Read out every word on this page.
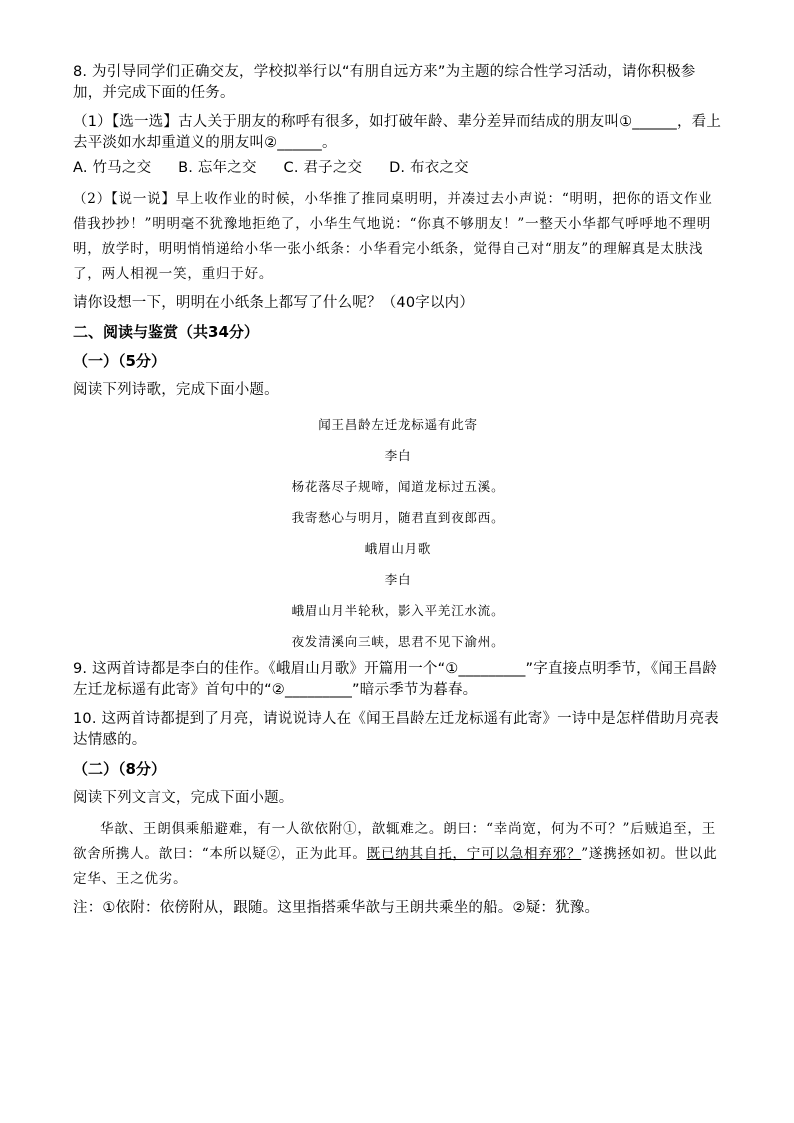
8. 为引导同学们正确交友，学校拟举行以“有朋自远方来”为主题的综合性学习活动，请你积极参加，并完成下面的任务。

（1）【选一选】古人关于朋友的称呼有很多，如打破年龄、辈分差异而结成的朋友叫①______，看上去平淡如水却重道义的朋友叫②______。

A. 竹马之交 B. 忘年之交 C. 君子之交 D. 布衣之交

（2）【说一说】早上收作业的时候，小华推了推同桌明明，并凑过去小声说：“明明，把你的语文作业借我抄抄！”明明毫不犹豫地拒绝了，小华生气地说：“你真不够朋友！”一整天小华都气呼呼地不理明明，放学时，明明悄悄递给小华一张小纸条：小华看完小纸条，觉得自己对“朋友”的理解真是太肤浅了，两人相视一笑，重归于好。

请你设想一下，明明在小纸条上都写了什么呢？（40字以内）

二、阅读与鉴赏（共34分）

（一）（5分）

阅读下列诗歌，完成下面小题。

闻王昌龄左迁龙标遥有此寄

李白

杨花落尽子规啼，闻道龙标过五溪。

我寄愁心与明月，随君直到夜郎西。

峨眉山月歌

李白

峨眉山月半轮秋，影入平羌江水流。

夜发清溪向三峡，思君不见下渝州。

9. 这两首诗都是李白的佳作。《峨眉山月歌》开篇用一个“①_________”字直接点明季节，《闻王昌龄左迁龙标遥有此寄》首句中的“②_________”暗示季节为暮春。

10. 这两首诗都提到了月亮，请说说诗人在《闻王昌龄左迁龙标遥有此寄》一诗中是怎样借助月亮表达情感的。

（二）（8分）

阅读下列文言文，完成下面小题。

华歆、王朗俱乘船避难，有一人欲依附①，歆辄难之。朗曰：“幸尚宽，何为不可？”后贼追至，王欲舍所携人。歆曰：“本所以疑②，正为此耳。既已纳其自托，宁可以急相弃邪？”遂携拯如初。世以此定华、王之优劣。

注：①依附：依傍附从，跟随。这里指搭乘华歆与王朗共乘坐的船。②疑：犹豫。
